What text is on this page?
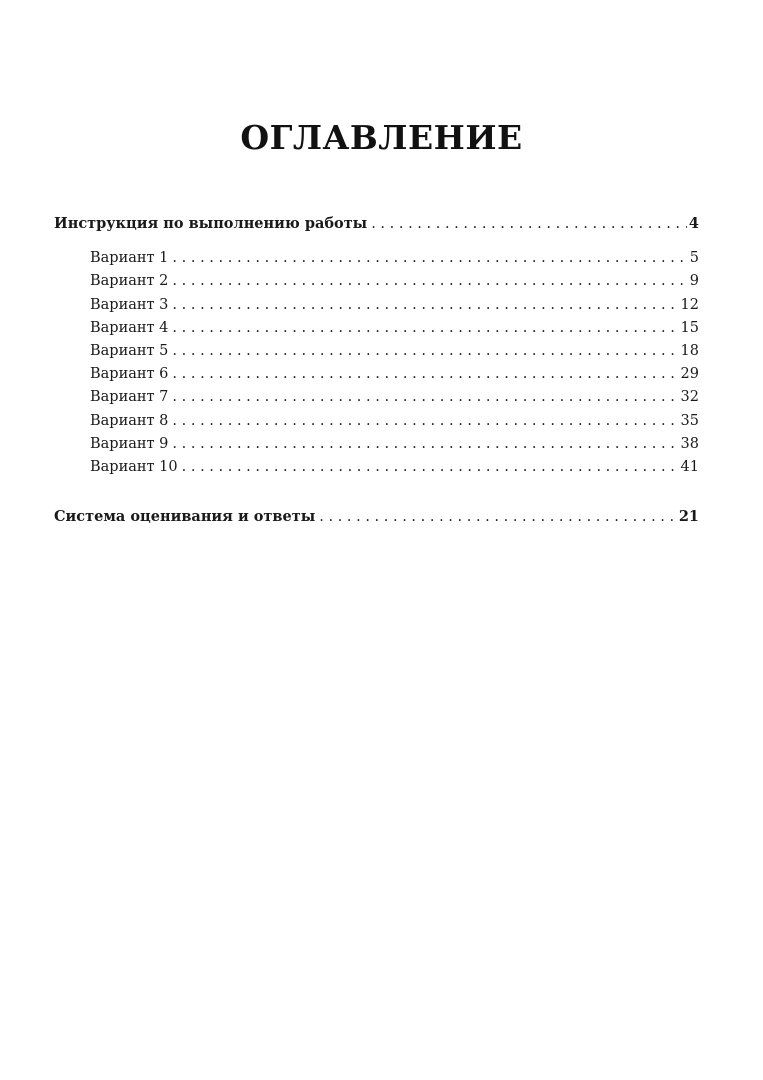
ОГЛАВЛЕНИЕ
Инструкция по выполнению работы . . .	4
Вариант 1 . . .	5
Вариант 2 . . .	9
Вариант 3 . . .	12
Вариант 4 . . .	15
Вариант 5 . . .	18
Вариант 6 . . .	29
Вариант 7 . . .	32
Вариант 8 . . .	35
Вариант 9 . . .	38
Вариант 10 . . .	41
Система оценивания и ответы . . .	21
